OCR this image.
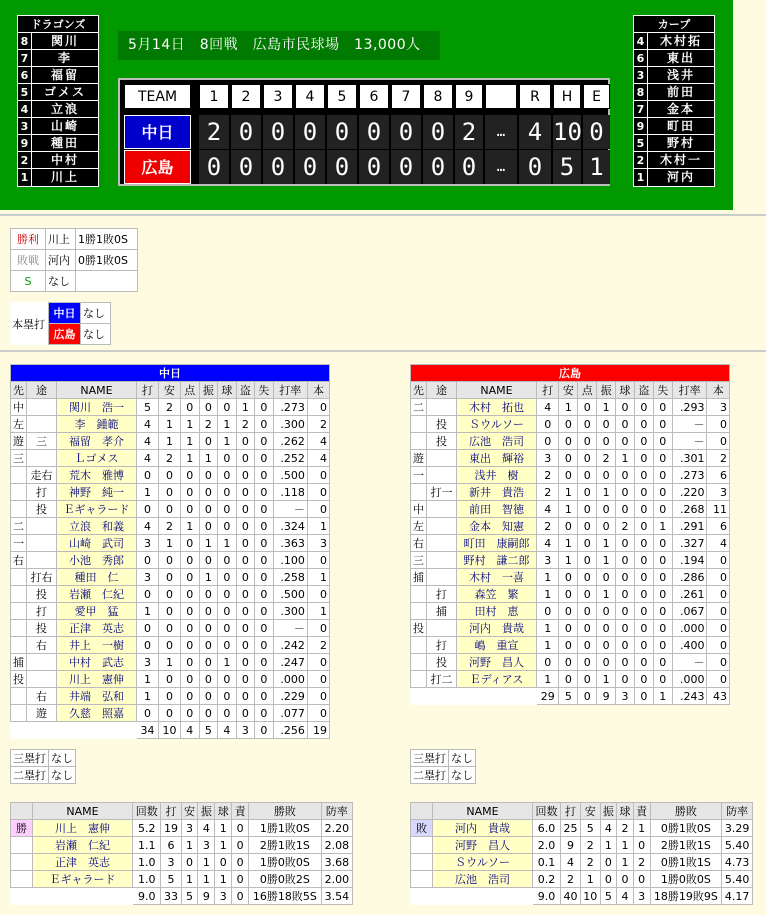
ドラゴンズ
8	関川
7	李
6	福留
5	ゴメス
4	立浪
3	山崎
9	種田
2	中村
1	川上
カープ
4	木村拓
6	東出
3	浅井
8	前田
7	金本
9	町田
5	野村
2	木村一
1	河内
5月14日　8回戦　広島市民球場　13,000人
TEAM	1	2	3	4	5	6	7	8	9	R	H	E
中日	2 0 0 0 0 0 0 0 2	… 4 10 0
広島	0 0 0 0 0 0 0 0 0	… 0 5 1
勝利	川上	1勝1敗0S
敗戦	河内	0勝1敗0S
S	なし	
本塁打	中日	なし
	広島	なし
中日											
先	途	NAME	打	安	点	振	球	盗	失	打率	本
中		関川　浩一	5	2	0	0	0	1	0	.273	0
左		李　鍾範	4	1	1	2	1	2	0	.300	2
遊	三	福留　孝介	4	1	1	0	1	0	0	.262	4
三		Ｌゴメス	4	2	1	1	0	0	0	.252	4
	走右	荒木　雅博	0	0	0	0	0	0	0	.500	0
	打	神野　純一	1	0	0	0	0	0	0	.118	0
	投	Ｅギャラード	0	0	0	0	0	0	0	－	0
二		立浪　和義	4	2	1	0	0	0	0	.324	1
一		山崎　武司	3	1	0	1	1	0	0	.363	3
右		小池　秀郎	0	0	0	0	0	0	0	.100	0
	打右	種田　仁	3	0	0	1	0	0	0	.258	1
	投	岩瀬　仁紀	0	0	0	0	0	0	0	.500	0
	打	愛甲　猛	1	0	0	0	0	0	0	.300	1
	投	正津　英志	0	0	0	0	0	0	0	－	0
	右	井上　一樹	0	0	0	0	0	0	0	.242	2
捕		中村　武志	3	1	0	0	1	0	0	.247	0
投		川上　憲伸	1	0	0	0	0	0	0	.000	0
	右	井端　弘和	1	0	0	0	0	0	0	.229	0
	遊	久慈　照嘉	0	0	0	0	0	0	0	.077	0
			34	10	4	5	4	3	0	.256	19
広島											
先	途	NAME	打	安	点	振	球	盗	失	打率	本
二		木村　拓也	4	1	0	1	0	0	0	.293	3
	投	Ｓウルソー	0	0	0	0	0	0	0	－	0
	投	広池　浩司	0	0	0	0	0	0	0	－	0
遊		東出　輝裕	3	0	0	2	1	0	0	.301	2
一		浅井　樹	2	0	0	0	0	0	0	.273	6
	打一	新井　貴浩	2	1	0	1	0	0	0	.220	3
中		前田　智徳	4	1	0	0	0	0	0	.268	11
左		金本　知憲	2	0	0	0	2	0	1	.291	6
右		町田　康嗣郎	4	1	0	1	0	0	0	.327	4
三		野村　謙二郎	3	1	0	1	0	0	0	.194	0
捕		木村　一喜	1	0	0	0	0	0	0	.286	0
	打	森笠　繁	1	0	0	1	0	0	0	.261	0
	捕	田村　恵	0	0	0	0	0	0	0	.067	0
投		河内　貴哉	1	0	0	0	0	0	0	.000	0
	打	嶋　重宣	1	0	0	0	0	0	0	.400	0
	投	河野　昌人	0	0	0	0	0	0	0	－	0
	打二	Ｅディアス	1	0	0	1	0	0	0	.000	0
			29	5	0	9	3	0	1	.243	43
三塁打	なし
二塁打	なし
三塁打	なし
二塁打	なし
	NAME	回数	打	安	振	球	責	勝敗	防率
勝	川上　憲伸	5.2	19	3	4	1	0	1勝1敗0S	2.20
	岩瀬　仁紀	1.1	6	1	3	1	0	2勝1敗1S	2.08
	正津　英志	1.0	3	0	1	0	0	1勝0敗0S	3.68
	Ｅギャラード	1.0	5	1	1	1	0	0勝0敗2S	2.00
		9.0	33	5	9	3	0	16勝18敗5S	3.54
	NAME	回数	打	安	振	球	責	勝敗	防率
敗	河内　貴哉	6.0	25	5	4	2	1	0勝1敗0S	3.29
	河野　昌人	2.0	9	2	1	1	0	2勝1敗1S	5.40
	Ｓウルソー	0.1	4	2	0	1	2	0勝1敗1S	4.73
	広池　浩司	0.2	2	1	0	0	0	1勝0敗0S	5.40
		9.0	40	10	5	4	3	18勝19敗9S	4.17
